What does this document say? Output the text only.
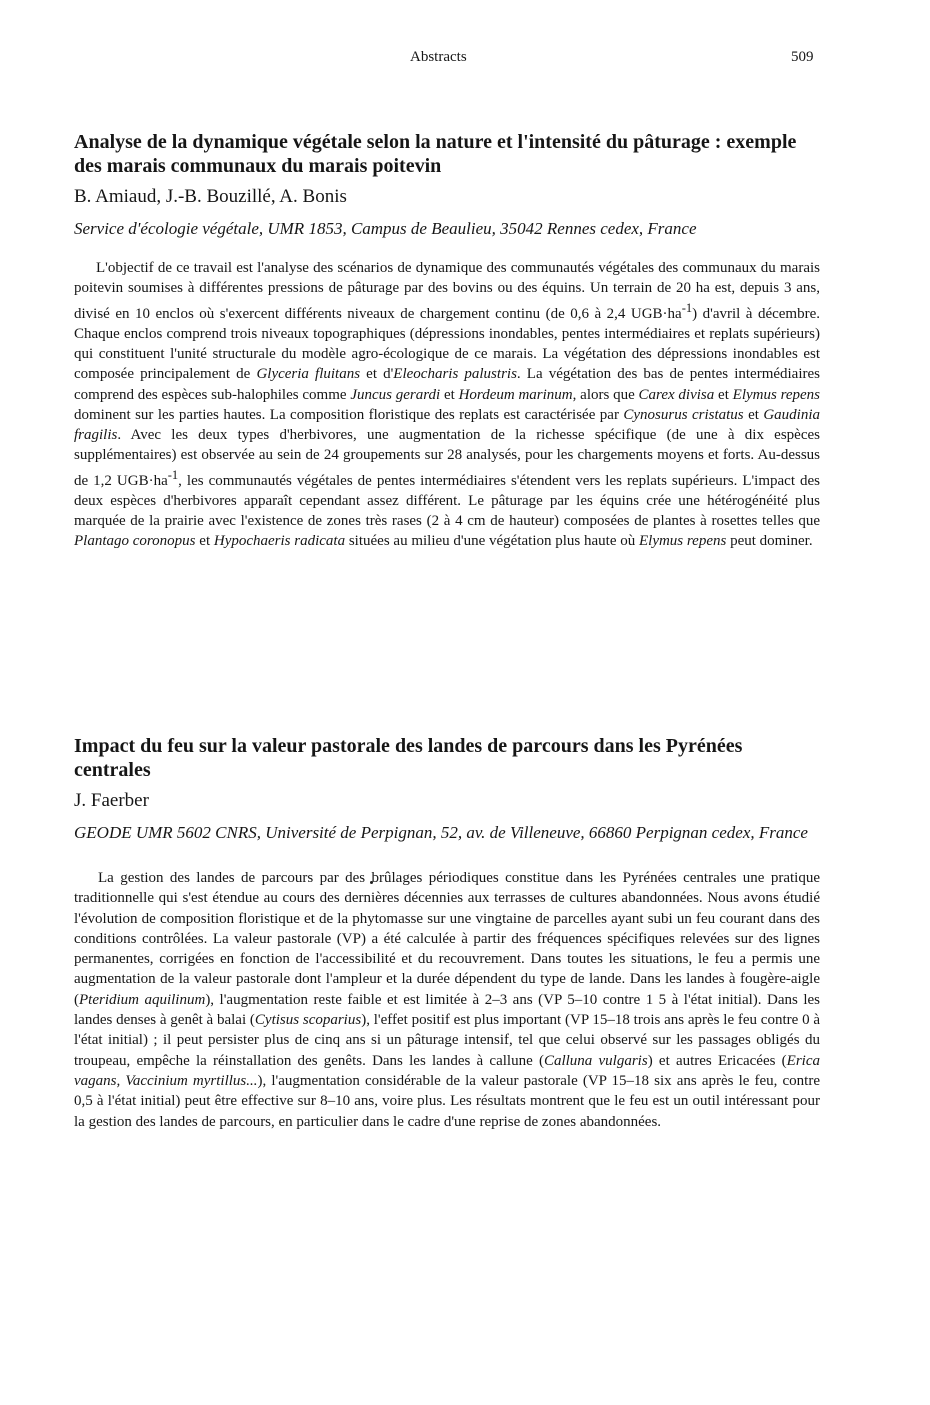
Abstracts	509
Analyse de la dynamique végétale selon la nature et l'intensité du pâturage : exemple des marais communaux du marais poitevin
B. Amiaud, J.-B. Bouzillé, A. Bonis
Service d'écologie végétale, UMR 1853, Campus de Beaulieu, 35042 Rennes cedex, France

L'objectif de ce travail est l'analyse des scénarios de dynamique des communautés végétales des communaux du marais poitevin soumises à différentes pressions de pâturage par des bovins ou des équins. Un terrain de 20 ha est, depuis 3 ans, divisé en 10 enclos où s'exercent différents niveaux de chargement continu (de 0,6 à 2,4 $UGB\cdot ha^{-1}$) d'avril à décembre. Chaque enclos comprend trois niveaux topographiques (dépressions inondables, pentes intermédiaires et replats supérieurs) qui constituent l'unité structurale du modèle agro-écologique de ce marais. La végétation des dépressions inondables est composée principalement de Glyceria fluitans et d'Eleocharis palustris. La végétation des bas de pentes intermédiaires comprend des espèces sub-halophiles comme Juncus gerardi et Hordeum marinum, alors que Carex divisa et Elymus repens dominent sur les parties hautes. La composition floristique des replats est caractérisée par Cynosurus cristatus et Gaudinia fragilis. Avec les deux types d'herbivores, une augmentation de la richesse spécifique (de une à dix espèces supplémentaires) est observée au sein de 24 groupements sur 28 analysés, pour les chargements moyens et forts. Au-dessus de 1,2 $UGB\cdot ha^{-1}$, les communautés végétales de pentes intermédiaires s'étendent vers les replats supérieurs. L'impact des deux espèces d'herbivores apparaît cependant assez différent. Le pâturage par les équins crée une hétérogénéité plus marquée de la prairie avec l'existence de zones très rases (2 à 4 cm de hauteur) composées de plantes à rosettes telles que Plantago coronopus et Hypochaeris radicata situées au milieu d'une végétation plus haute où Elymus repens peut dominer.

Impact du feu sur la valeur pastorale des landes de parcours dans les Pyrénées centrales
J. Faerber
GEODE UMR 5602 CNRS, Université de Perpignan, 52, av. de Villeneuve, 66860 Perpignan cedex, France

La gestion des landes de parcours par des brûlages périodiques constitue dans les Pyrénées centrales une pratique traditionnelle qui s'est étendue au cours des dernières décennies aux terrasses de cultures abandonnées. Nous avons étudié l'évolution de composition floristique et de la phytomasse sur une vingtaine de parcelles ayant subi un feu courant dans des conditions contrôlées. La valeur pastorale (VP) a été calculée à partir des fréquences spécifiques relevées sur des lignes permanentes, corrigées en fonction de l'accessibilité et du recouvrement. Dans toutes les situations, le feu a permis une augmentation de la valeur pastorale dont l'ampleur et la durée dépendent du type de lande. Dans les landes à fougère-aigle (Pteridium aquilinum), l'augmentation reste faible et est limitée à 2–3 ans (VP 5–10 contre 1 5 à l'état initial). Dans les landes denses à genêt à balai (Cytisus scoparius), l'effet positif est plus important (VP 15–18 trois ans après le feu contre 0 à l'état initial) ; il peut persister plus de cinq ans si un pâturage intensif, tel que celui observé sur les passages obligés du troupeau, empêche la réinstallation des genêts. Dans les landes à callune (Calluna vulgaris) et autres Ericacées (Erica vagans, Vaccinium myrtillus...), l'augmentation considérable de la valeur pastorale (VP 15–18 six ans après le feu, contre 0,5 à l'état initial) peut être effective sur 8–10 ans, voire plus. Les résultats montrent que le feu est un outil intéressant pour la gestion des landes de parcours, en particulier dans le cadre d'une reprise de zones abandonnées.
